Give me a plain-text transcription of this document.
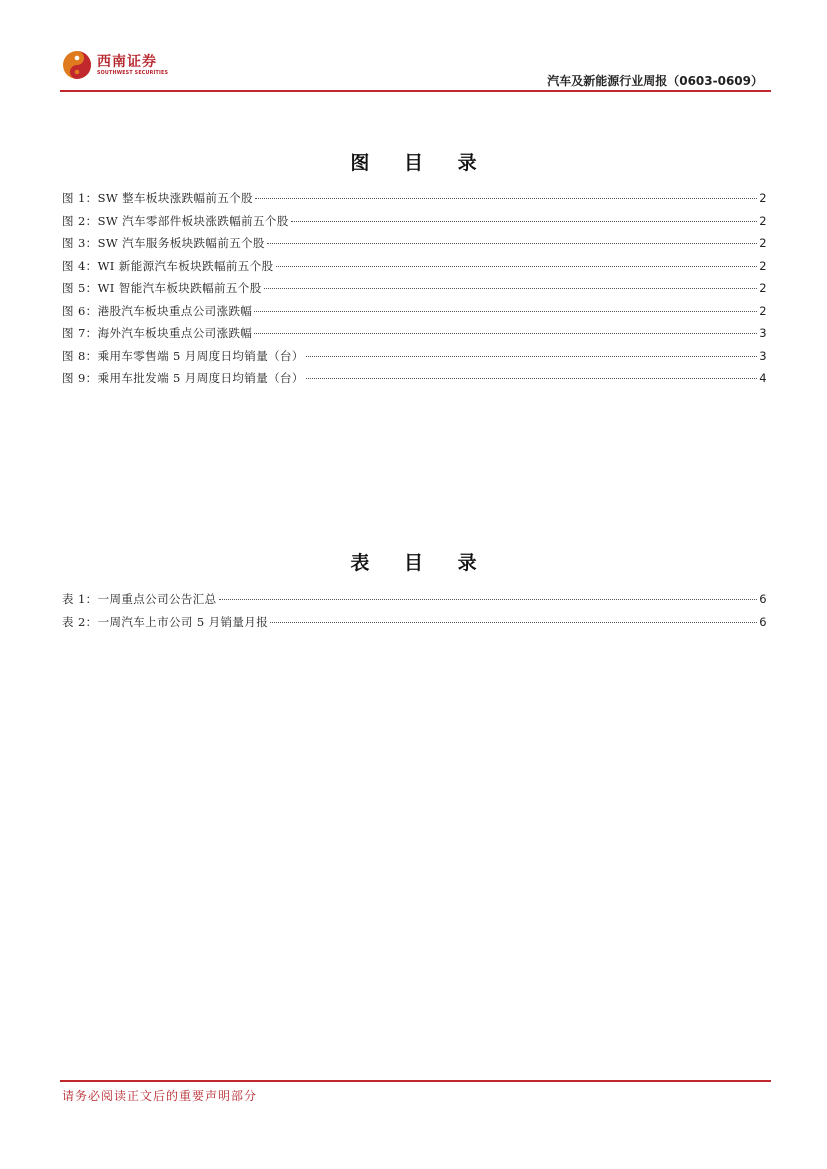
西南证券
SOUTHWEST SECURITIES
汽车及新能源行业周报（0603-0609）
图 目 录
图 1：SW 整车板块涨跌幅前五个股	2
图 2：SW 汽车零部件板块涨跌幅前五个股	2
图 3：SW 汽车服务板块跌幅前五个股	2
图 4：WI 新能源汽车板块跌幅前五个股	2
图 5：WI 智能汽车板块跌幅前五个股	2
图 6：港股汽车板块重点公司涨跌幅	2
图 7：海外汽车板块重点公司涨跌幅	3
图 8：乘用车零售端 5 月周度日均销量（台）	3
图 9：乘用车批发端 5 月周度日均销量（台）	4
表 目 录
表 1：一周重点公司公告汇总	6
表 2：一周汽车上市公司 5 月销量月报	6
请务必阅读正文后的重要声明部分
